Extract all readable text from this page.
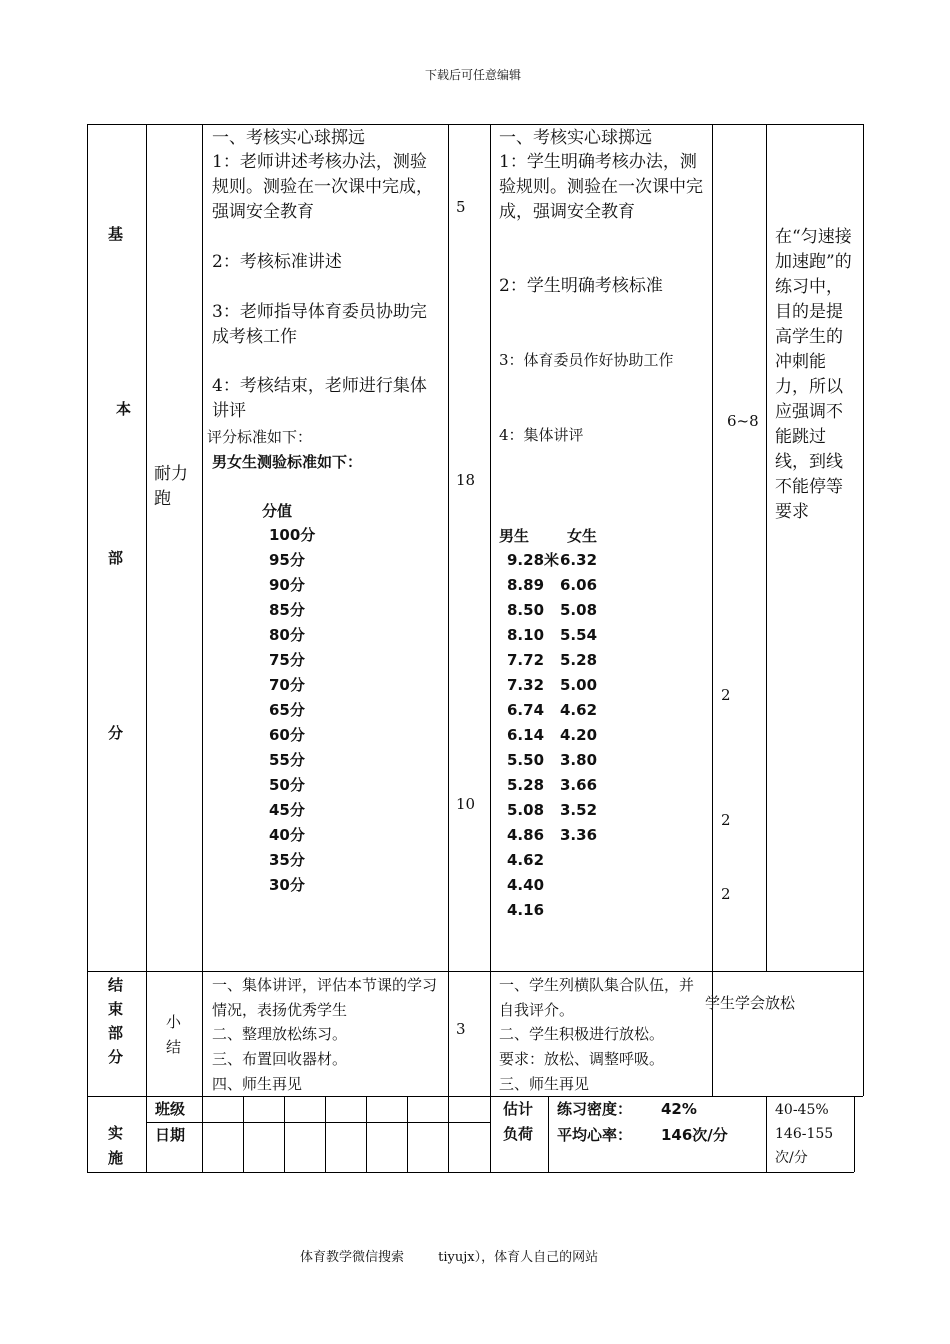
下载后可任意编辑
基
本
部
分
耐力跑
一、考核实心球掷远
1：老师讲述考核办法，测验规则。测验在一次课中完成，强调安全教育
2：考核标准讲述
3：老师指导体育委员协助完成考核工作
4：考核结束，老师进行集体讲评
评分标准如下：
男女生测验标准如下：
分值
100分
95分
90分
85分
80分
75分
70分
65分
60分
55分
50分
45分
40分
35分
30分
5
18
10
一、考核实心球掷远
1：学生明确考核办法，测验规则。测验在一次课中完成，强调安全教育
2：学生明确考核标准
3：体育委员作好协助工作
4：集体讲评
男生	女生
9.28米
8.89
8.50
8.10
7.72
7.32
6.74
6.14
5.50
5.28
5.08
4.86
4.62
4.40
4.16
6.32
6.06
5.08
5.54
5.28
5.00
4.62
4.20
3.80
3.66
3.52
3.36
6~8
2
2
2
在“匀速接加速跑”的练习中，目的是提高学生的冲刺能力，所以应强调不能跳过线，到线不能停等要求
结
束
部
分
小结
一、集体讲评，评估本节课的学习情况，表扬优秀学生
二、整理放松练习。
三、布置回收器材。
四、师生再见
3
一、学生列横队集合队伍，并自我评介。
二、学生积极进行放松。
要求：放松、调整呼吸。
三、师生再见
学生学会放松
实
施
班级
日期
估计
负荷
练习密度： 42%
平均心率： 146次/分
40-45%
146-155
次/分
体育教学微信搜索	tiyujx），体育人自己的网站
